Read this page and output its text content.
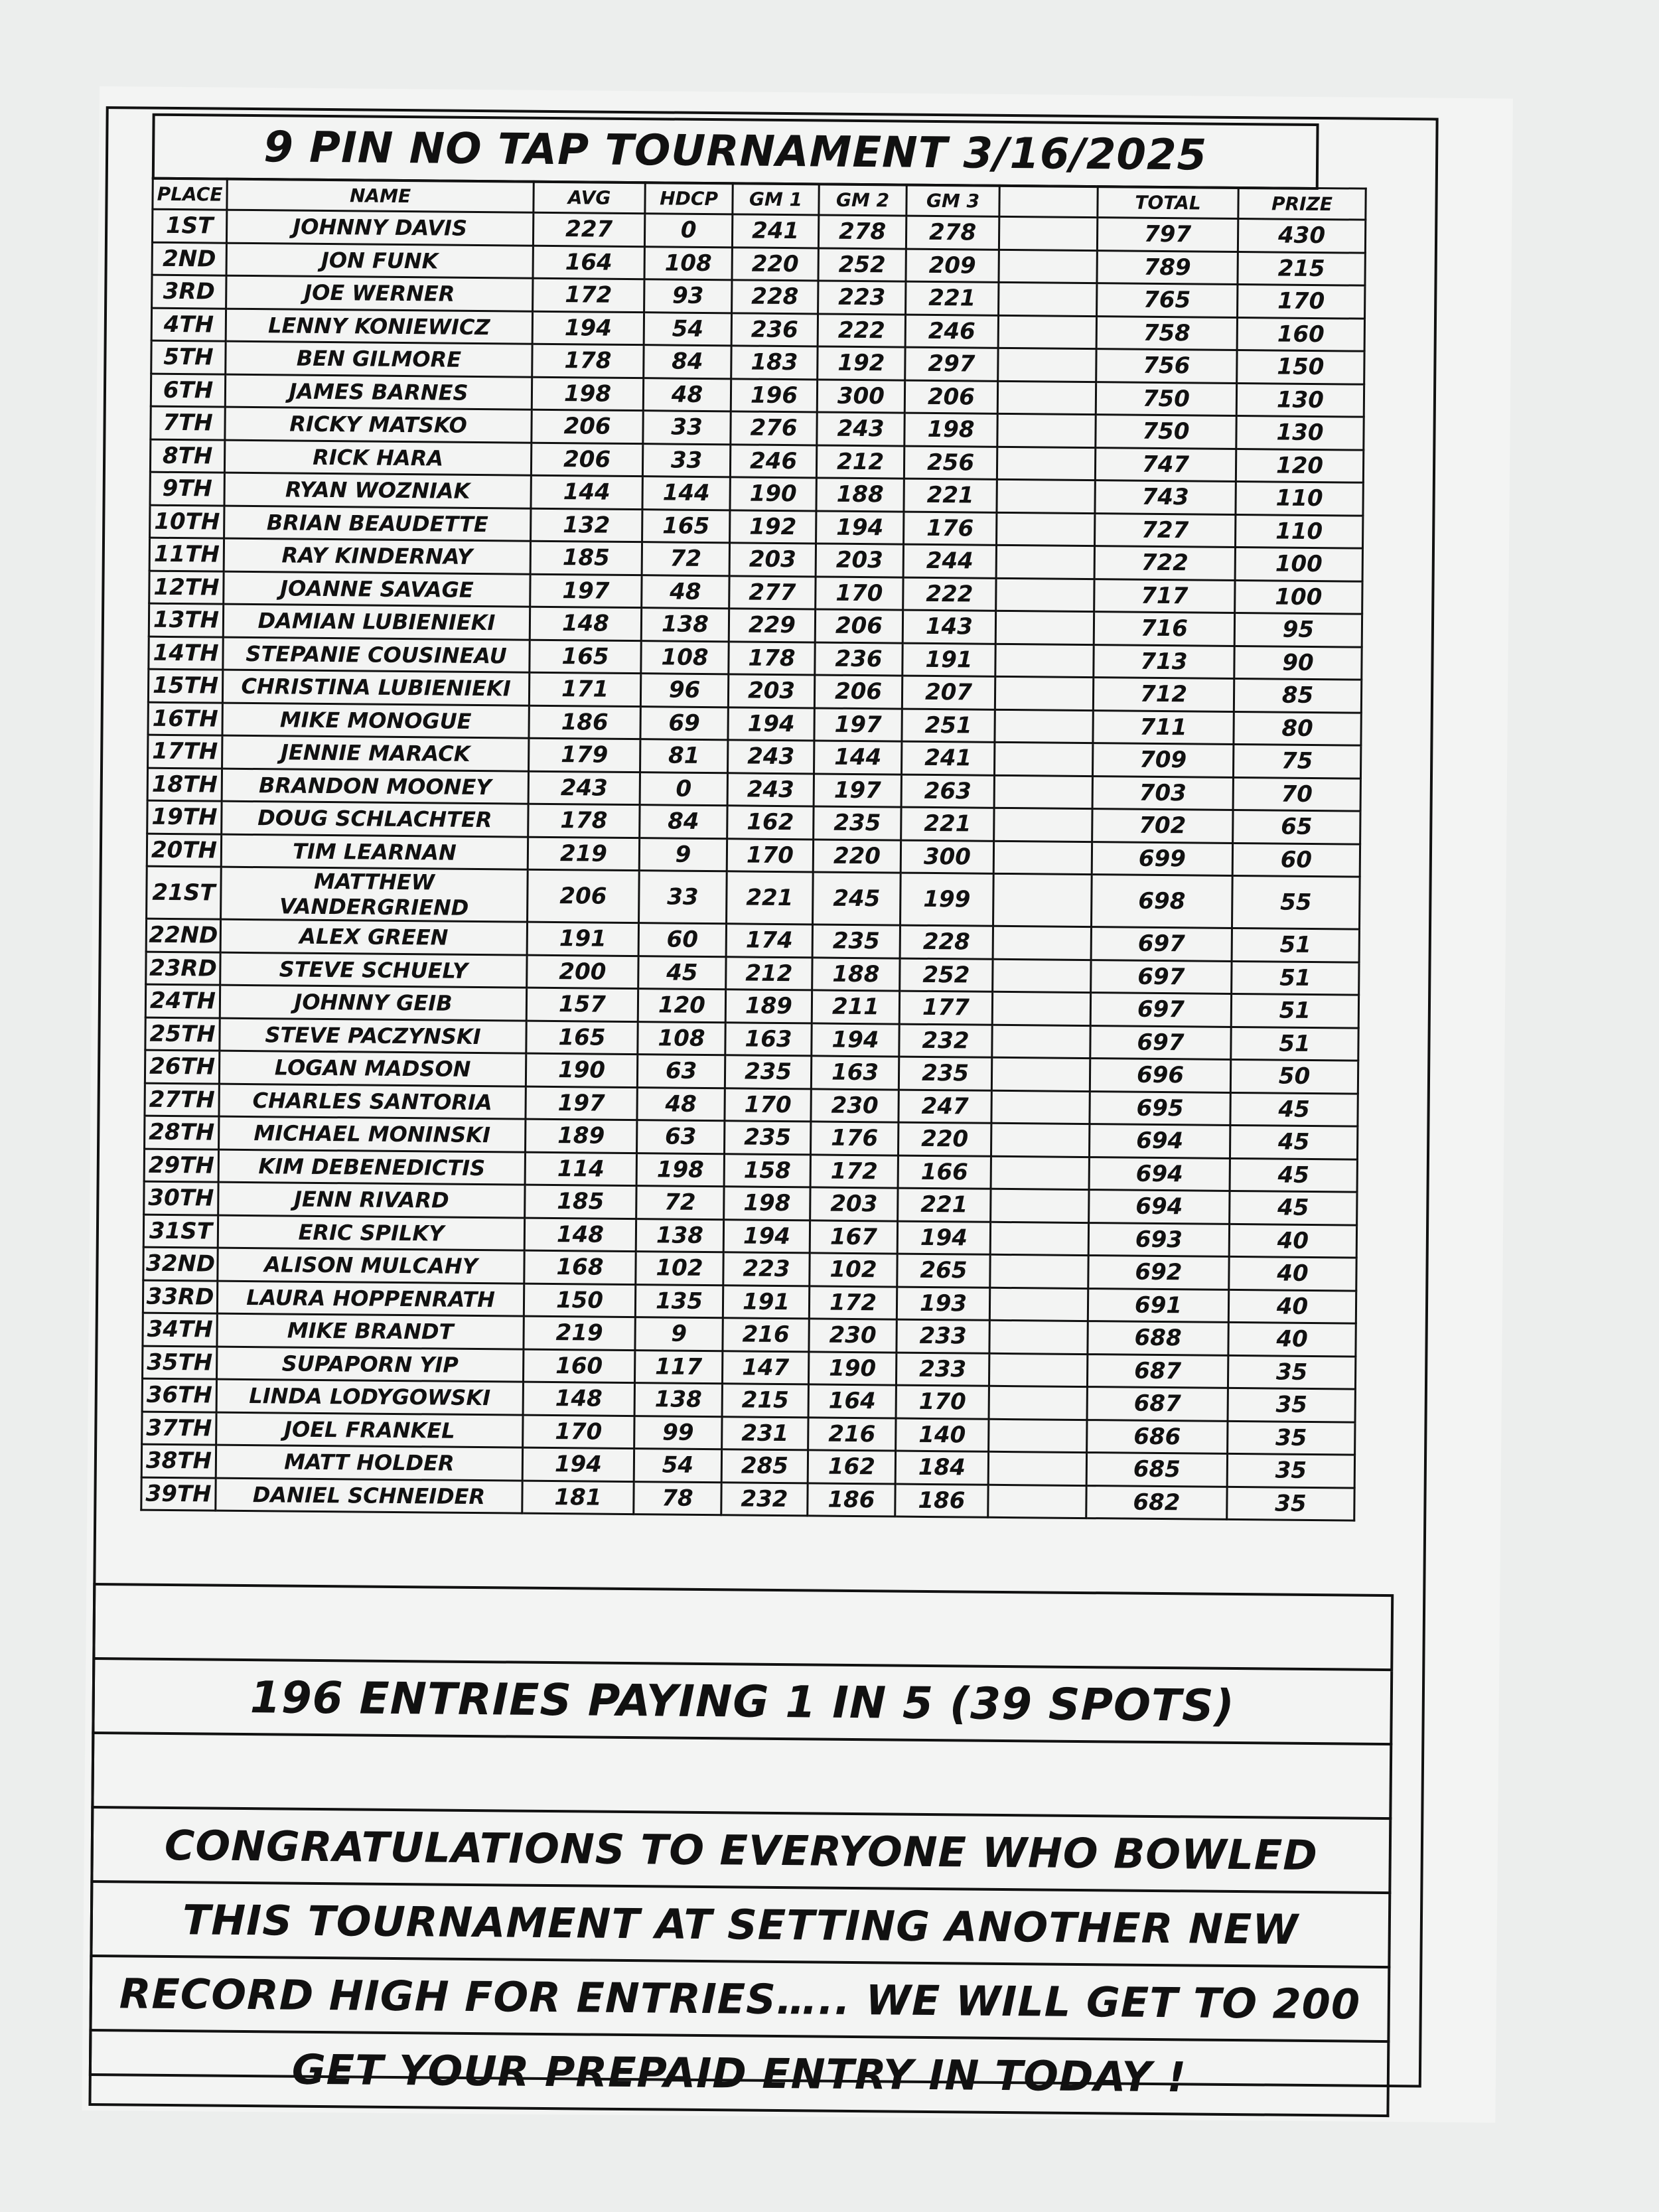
9 PIN NO TAP TOURNAMENT 3/16/2025
PLACE	NAME	AVG	HDCP	GM 1	GM 2	GM 3		TOTAL	PRIZE
1ST	JOHNNY DAVIS	227	0	241	278	278		797	430
2ND	JON FUNK	164	108	220	252	209		789	215
3RD	JOE WERNER	172	93	228	223	221		765	170
4TH	LENNY KONIEWICZ	194	54	236	222	246		758	160
5TH	BEN GILMORE	178	84	183	192	297		756	150
6TH	JAMES BARNES	198	48	196	300	206		750	130
7TH	RICKY MATSKO	206	33	276	243	198		750	130
8TH	RICK HARA	206	33	246	212	256		747	120
9TH	RYAN WOZNIAK	144	144	190	188	221		743	110
10TH	BRIAN BEAUDETTE	132	165	192	194	176		727	110
11TH	RAY KINDERNAY	185	72	203	203	244		722	100
12TH	JOANNE SAVAGE	197	48	277	170	222		717	100
13TH	DAMIAN LUBIENIEKI	148	138	229	206	143		716	95
14TH	STEPANIE COUSINEAU	165	108	178	236	191		713	90
15TH	CHRISTINA LUBIENIEKI	171	96	203	206	207		712	85
16TH	MIKE MONOGUE	186	69	194	197	251		711	80
17TH	JENNIE MARACK	179	81	243	144	241		709	75
18TH	BRANDON MOONEY	243	0	243	197	263		703	70
19TH	DOUG SCHLACHTER	178	84	162	235	221		702	65
20TH	TIM LEARNAN	219	9	170	220	300		699	60
21ST	MATTHEW VANDERGRIEND	206	33	221	245	199		698	55
22ND	ALEX GREEN	191	60	174	235	228		697	51
23RD	STEVE SCHUELY	200	45	212	188	252		697	51
24TH	JOHNNY GEIB	157	120	189	211	177		697	51
25TH	STEVE PACZYNSKI	165	108	163	194	232		697	51
26TH	LOGAN MADSON	190	63	235	163	235		696	50
27TH	CHARLES SANTORIA	197	48	170	230	247		695	45
28TH	MICHAEL MONINSKI	189	63	235	176	220		694	45
29TH	KIM DEBENEDICTIS	114	198	158	172	166		694	45
30TH	JENN RIVARD	185	72	198	203	221		694	45
31ST	ERIC SPILKY	148	138	194	167	194		693	40
32ND	ALISON MULCAHY	168	102	223	102	265		692	40
33RD	LAURA HOPPENRATH	150	135	191	172	193		691	40
34TH	MIKE BRANDT	219	9	216	230	233		688	40
35TH	SUPAPORN YIP	160	117	147	190	233		687	35
36TH	LINDA LODYGOWSKI	148	138	215	164	170		687	35
37TH	JOEL FRANKEL	170	99	231	216	140		686	35
38TH	MATT HOLDER	194	54	285	162	184		685	35
39TH	DANIEL SCHNEIDER	181	78	232	186	186		682	35
196 ENTRIES PAYING 1 IN 5 (39 SPOTS)
CONGRATULATIONS TO EVERYONE WHO BOWLED
THIS TOURNAMENT AT SETTING ANOTHER NEW
RECORD HIGH FOR ENTRIES….. WE WILL GET TO 200
GET YOUR PREPAID ENTRY IN TODAY !
